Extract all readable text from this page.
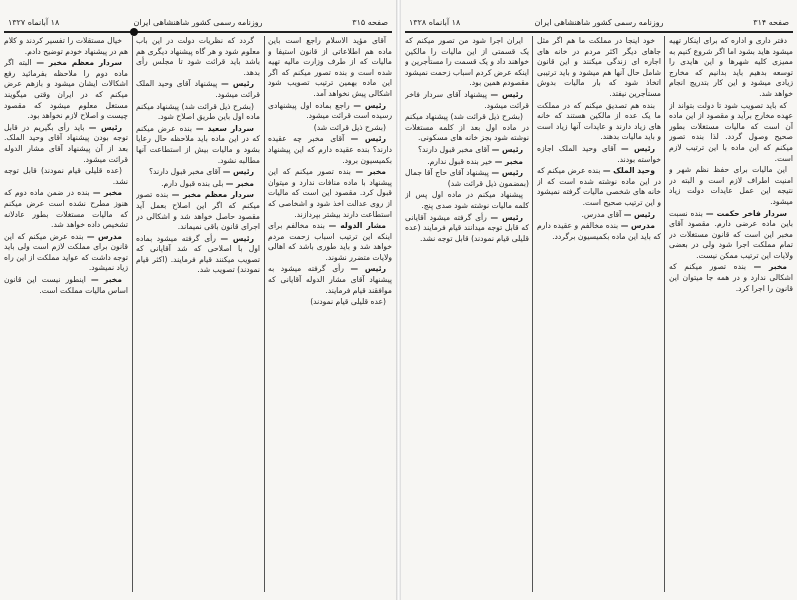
صفحه ۳۱۵
روزنامه رسمی کشور شاهنشاهی ایران
۱۸ آبانماه ۱۳۲۷

آقای مؤید الاسلام راجع است باین ماده هم اطلاعاتی از قانون استیفا و مالیات که از طرف وزارت مالیه تهیه شده است و بنده تصور میکنم که اگر این ماده بهمین ترتیب تصویب شود اشکالی پیش نخواهد آمد.

رئیس — راجع بماده اول پیشنهادی رسیده است قرائت میشود.

(بشرح ذیل قرائت شد)

رئیس — آقای مخبر چه عقیده دارند؟ بنده عقیده دارم که این پیشنهاد بکمیسیون برود.

مخبر — بنده تصور میکنم که این پیشنهاد با ماده منافات ندارد و میتوان قبول کرد. مقصود این است که مالیات از روی عدالت اخذ شود و اشخاصی که استطاعت دارند بیشتر بپردازند.

مشار الدوله — بنده مخالفم برای اینکه این ترتیب اسباب زحمت مردم خواهد شد و باید طوری باشد که اهالی ولایات متضرر نشوند.

رئیس — رأی گرفته میشود به پیشنهاد آقای مشار الدوله آقایانی که موافقند قیام فرمایند.

(عده قلیلی قیام نمودند)

گردد که نظریات دولت در این باب معلوم شود و هر گاه پیشنهاد دیگری هم باشد باید قرائت شود تا مجلس رأی بدهد.

رئیس — پیشنهاد آقای وحید الملک قرائت میشود.

(بشرح ذیل قرائت شد) پیشنهاد میکنم ماده اول باین طریق اصلاح شود.

سردار سعید — بنده عرض میکنم که در این ماده باید ملاحظه حال رعایا بشود و مالیات بیش از استطاعت آنها مطالبه نشود.

رئیس — آقای مخبر قبول دارند؟

مخبر — بلی بنده قبول دارم.

سردار معظم مخبر — بنده تصور میکنم که اگر این اصلاح بعمل آید مقصود حاصل خواهد شد و اشکالی در اجرای قانون باقی نمیماند.

رئیس — رأی گرفته میشود بماده اول با اصلاحی که شد آقایانی که تصویب میکنند قیام فرمایند. (اکثر قیام نمودند) تصویب شد.

خیال مستقلات را تفسیر کردند و کلام هم در پیشنهاد خودم توضیح دادم.

سردار معظم مخبر — البته اگر ماده دوم را ملاحظه بفرمائید رفع اشکالات ایشان میشود و بازهم عرض میکنم که در ایران وقتی میگویند مستغل معلوم میشود که مقصود چیست و اصلاح لازم نخواهد بود.

رئیس — باید رأی بگیریم در قابل توجه بودن پیشنهاد آقای وحید الملک. بعد از آن پیشنهاد آقای مشار الدوله قرائت میشود.

(عده قلیلی قیام نمودند) قابل توجه نشد.

مخبر — بنده در ضمن ماده دوم که هنوز مطرح نشده است عرض میکنم که مالیات مستغلات بطور عادلانه تشخیص داده خواهد شد.

مدرس — بنده عرض میکنم که این قانون برای مملکت لازم است ولی باید توجه داشت که عواید مملکت از این راه زیاد نمیشود.

مخبر — اینطور نیست این قانون اساس مالیات مملکت است.

صفحه ۳۱۴
روزنامه رسمی کشور شاهنشاهی ایران
۱۸ آبانماه ۱۳۲۸

دفتر داری و اداره که برای اینکار تهیه میشود هاید بشود اما اگر شروع کنیم به ممیزی کلیه شهرها و این هایدی را توسعه بدهیم باید بدانیم که مخارج زیادی میشود و این کار بتدریج انجام خواهد شد.

که باید تصویب شود تا دولت بتواند از عهده مخارج برآید و مقصود از این ماده آن است که مالیات مستغلات بطور صحیح وصول گردد. لذا بنده تصور میکنم که این ماده با این ترتیب لازم است.

این مالیات برای حفظ نظم شهر و امنیت اطراف لازم است و البته در نتیجه این عمل عایدات دولت زیاد میشود.

سردار فاخر حکمت — بنده نسبت باین ماده عرضی دارم. مقصود آقای مخبر این است که قانون مستغلات در تمام مملکت اجرا شود ولی در بعضی ولایات این ترتیب ممکن نیست.

مخبر — بنده تصور میکنم که اشکالی ندارد و در همه جا میتوان این قانون را اجرا کرد.

خود اینجا در مملکت ما هم اگر مثل جاهای دیگر اکثر مردم در خانه های اجاره ای زندگی میکنند و این قانون شامل حال آنها هم میشود و باید ترتیبی اتخاذ شود که بار مالیات بدوش مستأجرین نیفتد.

بنده هم تصدیق میکنم که در مملکت ما یک عده از مالکین هستند که خانه های زیاد دارند و عایدات آنها زیاد است و باید مالیات بدهند.

رئیس — آقای وحید الملک اجازه خواسته بودند.

وحید الملک — بنده عرض میکنم که در این ماده نوشته شده است که از خانه های شخصی مالیات گرفته نمیشود و این ترتیب صحیح است.

رئیس — آقای مدرس.

مدرس — بنده مخالفم و عقیده دارم که باید این ماده بکمیسیون برگردد.

ایران اجرا شود من تصور میکنم که یک قسمتی از این مالیات را مالکین خواهند داد و یک قسمت را مستأجرین و اینکه عرض کردم اسباب زحمت نمیشود مقصودم همین بود.

رئیس — پیشنهاد آقای سردار فاخر قرائت میشود.

(بشرح ذیل قرائت شد) پیشنهاد میکنم در ماده اول بعد از کلمه مستغلات نوشته شود بجز خانه های مسکونی.

رئیس — آقای مخبر قبول دارند؟

مخبر — خیر بنده قبول ندارم.

رئیس — پیشنهاد آقای حاج آقا جمال (بمضمون ذیل قرائت شد)

پیشنهاد میکنم در ماده اول پس از کلمه مالیات نوشته شود صدی پنج.

رئیس — رأی گرفته میشود آقایانی که قابل توجه میدانند قیام فرمایند (عده قلیلی قیام نمودند) قابل توجه نشد.
